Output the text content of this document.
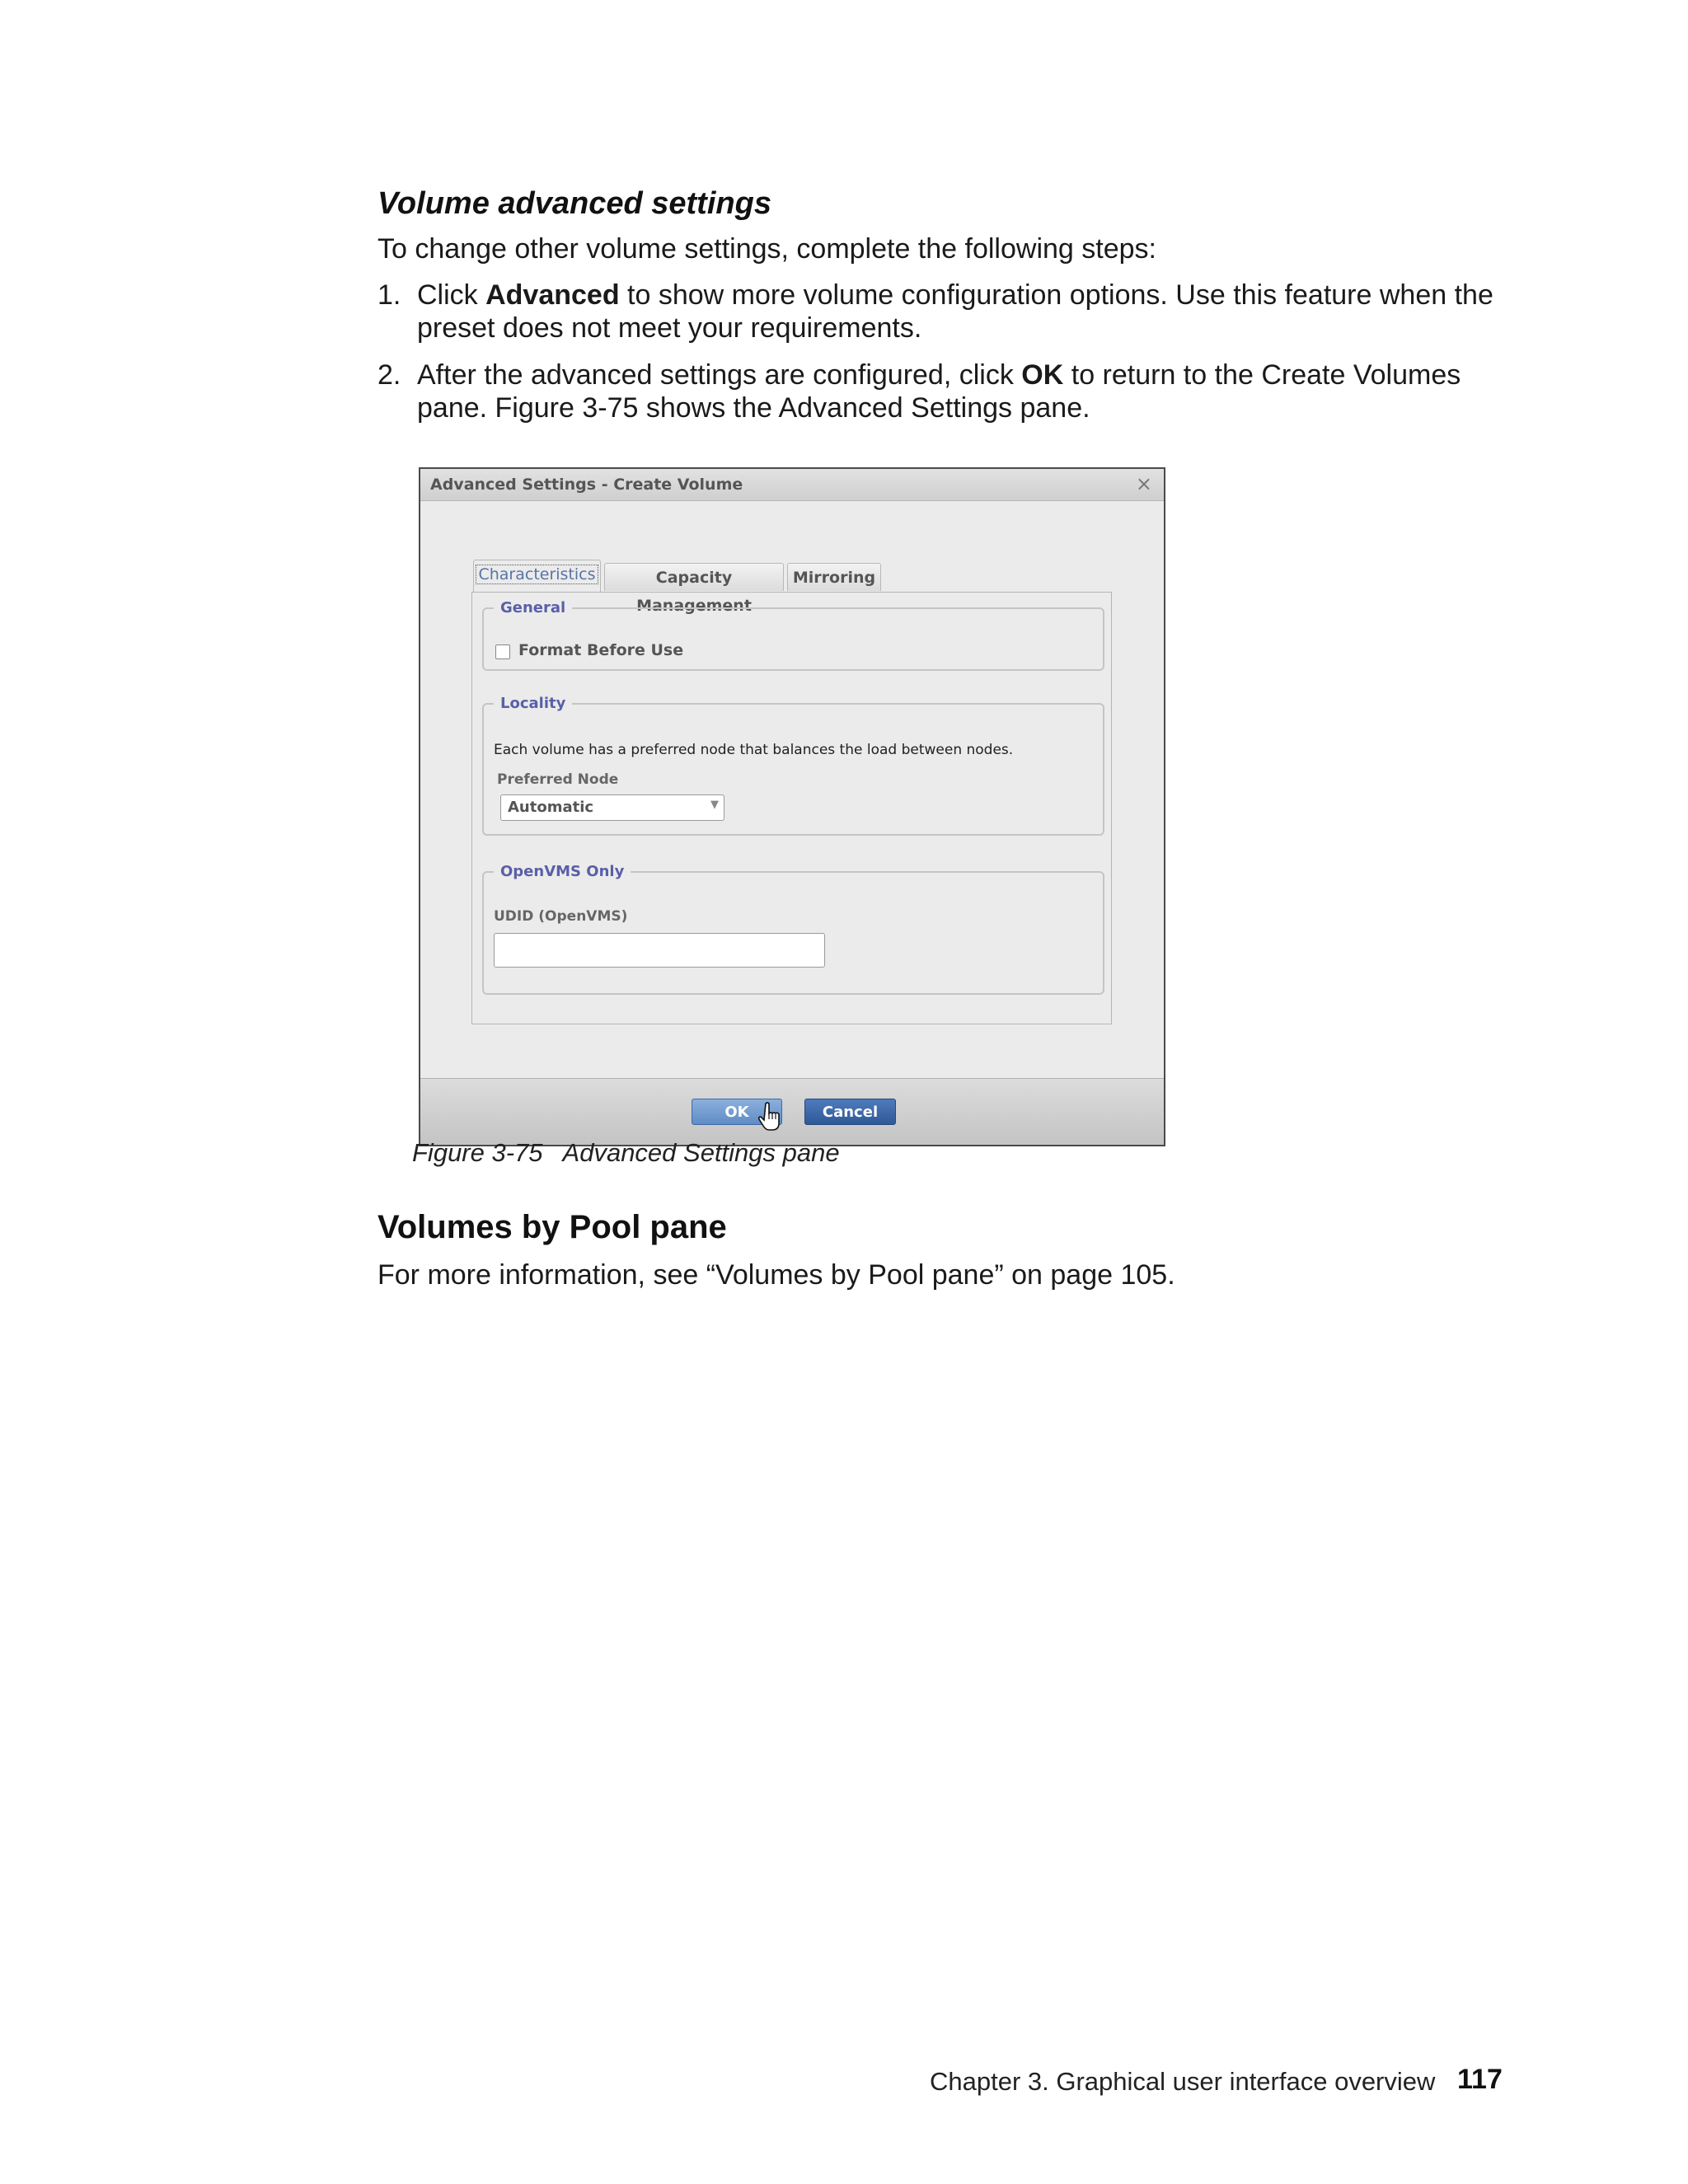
Volume advanced settings
To change other volume settings, complete the following steps:
1. Click Advanced to show more volume configuration options. Use this feature when the preset does not meet your requirements.
2. After the advanced settings are configured, click OK to return to the Create Volumes pane. Figure 3-75 shows the Advanced Settings pane.
Advanced Settings - Create Volume	×
Characteristics	Capacity Management
Mirroring
General
Format Before Use
Locality
Each volume has a preferred node that balances the load between nodes.
Preferred Node
Automatic	▼
OpenVMS Only
UDID (OpenVMS)
OK	Cancel
Figure 3-75 Advanced Settings pane
Volumes by Pool pane
For more information, see “Volumes by Pool pane” on page 105.
Chapter 3. Graphical user interface overview 117
